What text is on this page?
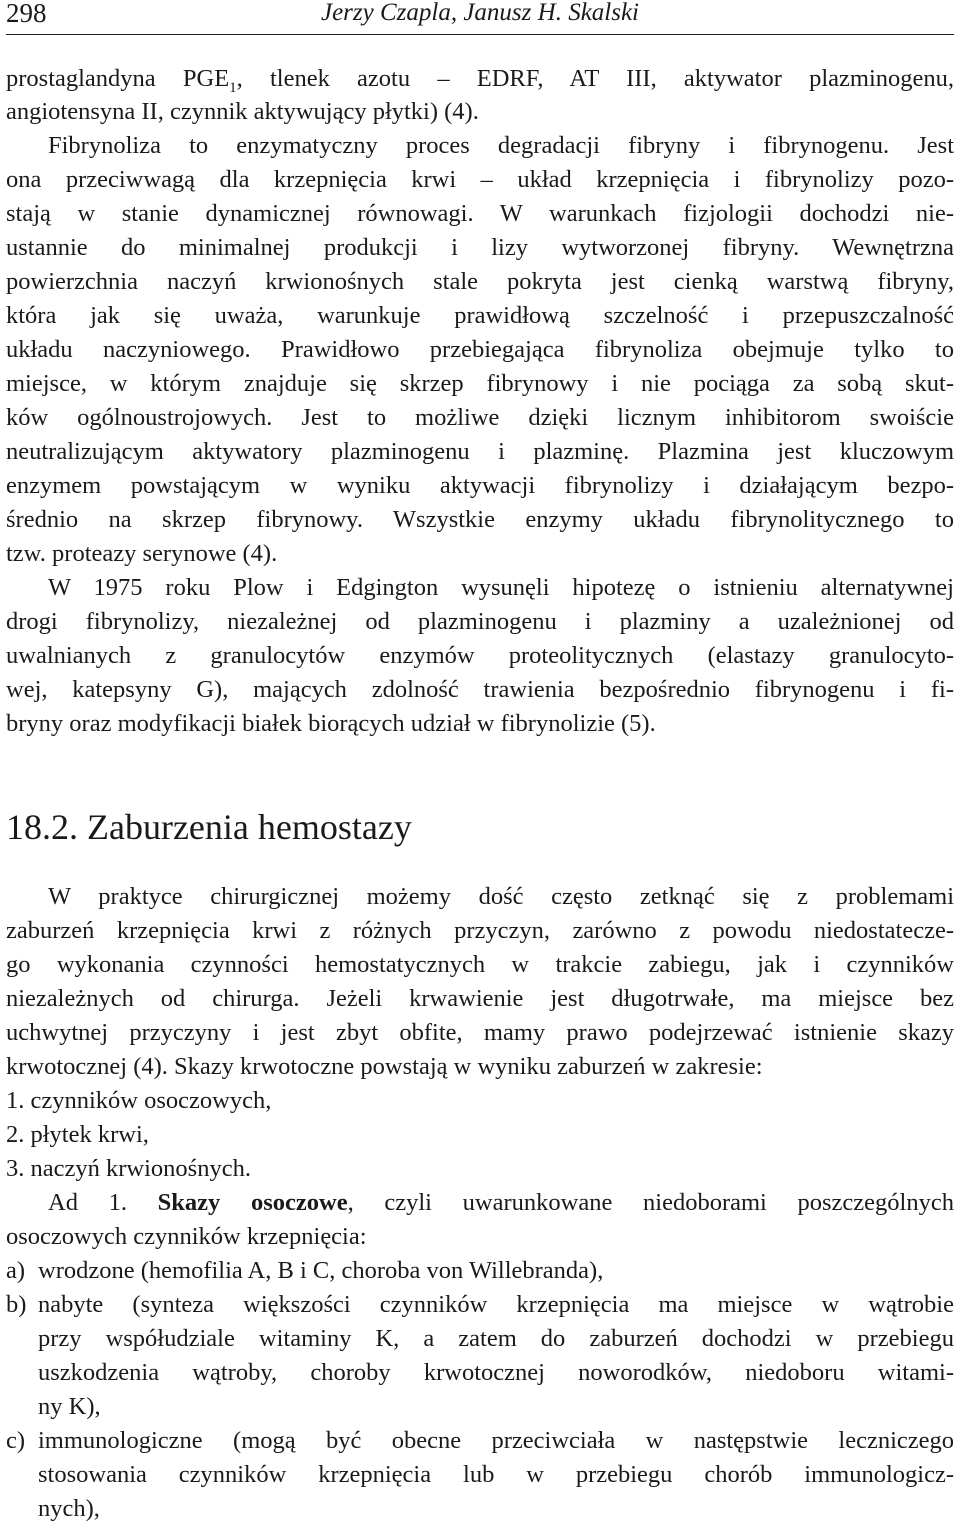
298	Jerzy Czapla, Janusz H. Skalski
prostaglandyna $PGE_1$, tlenek azotu – EDRF, AT III, aktywator plazminogenu,
angiotensyna II, czynnik aktywujący płytki) (4).
Fibrynoliza to enzymatyczny proces degradacji fibryny i fibrynogenu. Jest
ona przeciwwagą dla krzepnięcia krwi – układ krzepnięcia i fibrynolizy pozo-
stają w stanie dynamicznej równowagi. W warunkach fizjologii dochodzi nie-
ustannie do minimalnej produkcji i lizy wytworzonej fibryny. Wewnętrzna
powierzchnia naczyń krwionośnych stale pokryta jest cienką warstwą fibryny,
która jak się uważa, warunkuje prawidłową szczelność i przepuszczalność
układu naczyniowego. Prawidłowo przebiegająca fibrynoliza obejmuje tylko to
miejsce, w którym znajduje się skrzep fibrynowy i nie pociąga za sobą skut-
ków ogólnoustrojowych. Jest to możliwe dzięki licznym inhibitorom swoiście
neutralizującym aktywatory plazminogenu i plazminę. Plazmina jest kluczowym
enzymem powstającym w wyniku aktywacji fibrynolizy i działającym bezpo-
średnio na skrzep fibrynowy. Wszystkie enzymy układu fibrynolitycznego to
tzw. proteazy serynowe (4).
W 1975 roku Plow i Edgington wysunęli hipotezę o istnieniu alternatywnej
drogi fibrynolizy, niezależnej od plazminogenu i plazminy a uzależnionej od
uwalnianych z granulocytów enzymów proteolitycznych (elastazy granulocyto-
wej, katepsyny G), mających zdolność trawienia bezpośrednio fibrynogenu i fi-
bryny oraz modyfikacji białek biorących udział w fibrynolizie (5).
18.2. Zaburzenia hemostazy
W praktyce chirurgicznej możemy dość często zetknąć się z problemami
zaburzeń krzepnięcia krwi z różnych przyczyn, zarówno z powodu niedostatecze-
go wykonania czynności hemostatycznych w trakcie zabiegu, jak i czynników
niezależnych od chirurga. Jeżeli krwawienie jest długotrwałe, ma miejsce bez
uchwytnej przyczyny i jest zbyt obfite, mamy prawo podejrzewać istnienie skazy
krwotocznej (4). Skazy krwotoczne powstają w wyniku zaburzeń w zakresie:
1. czynników osoczowych,
2. płytek krwi,
3. naczyń krwionośnych.
Ad 1. Skazy osoczowe, czyli uwarunkowane niedoborami poszczególnych
osoczowych czynników krzepnięcia:
a) wrodzone (hemofilia A, B i C, choroba von Willebranda),
b) nabyte (synteza większości czynników krzepnięcia ma miejsce w wątrobie
przy współudziale witaminy K, a zatem do zaburzeń dochodzi w przebiegu
uszkodzenia wątroby, choroby krwotocznej noworodków, niedoboru witami-
ny K),
c) immunologiczne (mogą być obecne przeciwciała w następstwie leczniczego
stosowania czynników krzepnięcia lub w przebiegu chorób immunologicz-
nych),
